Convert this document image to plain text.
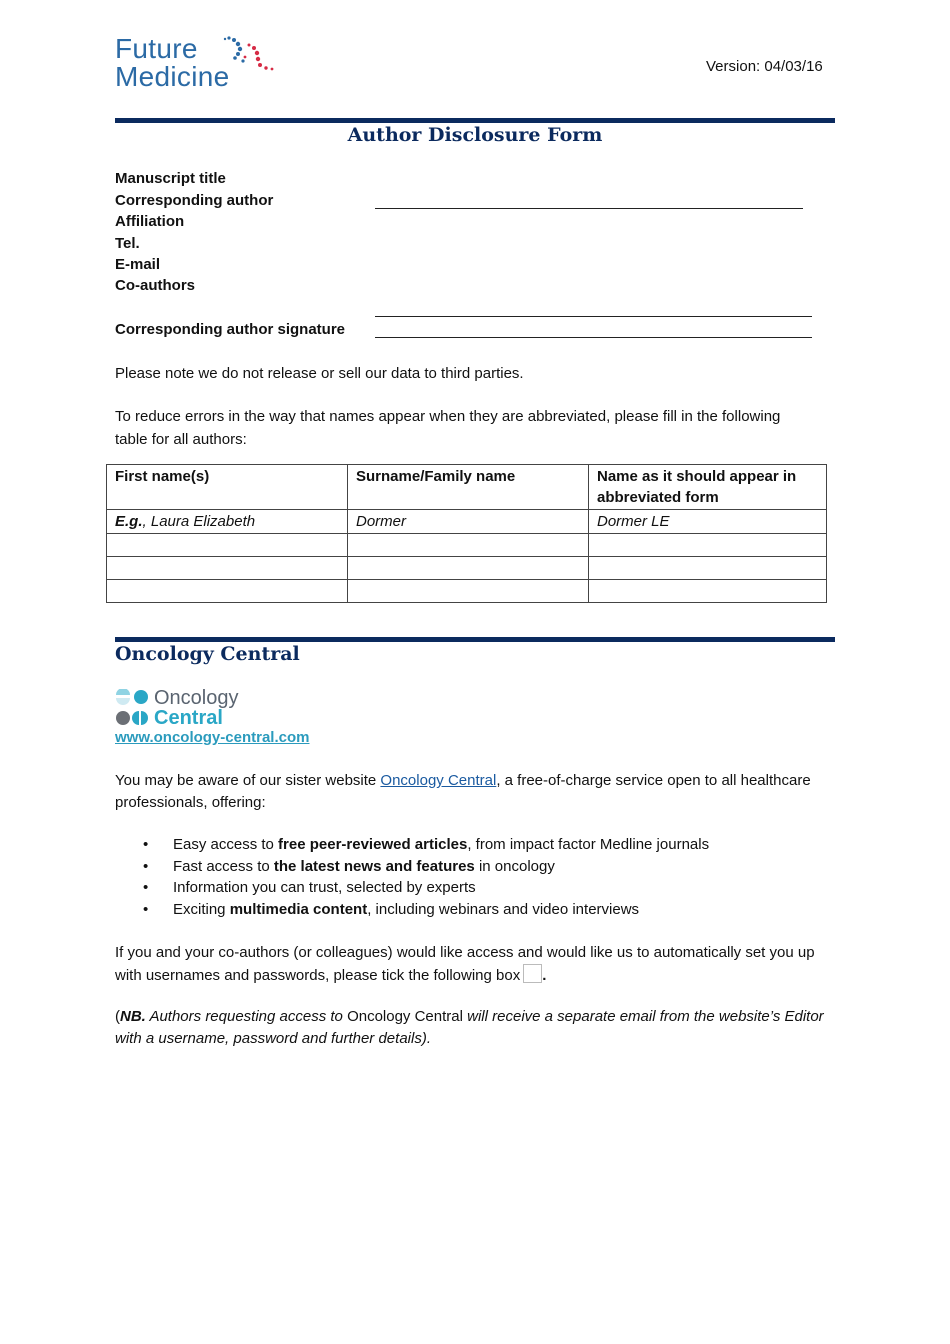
Future
Medicine	Version: 04/03/16
Author Disclosure Form
Manuscript title
Corresponding author
Affiliation
Tel.
E-mail
Co-authors
Corresponding author signature
Please note we do not release or sell our data to third parties.
To reduce errors in the way that names appear when they are abbreviated, please fill in the following table for all authors:
First name(s)	Surname/Family name	Name as it should appear in abbreviated form
E.g., Laura Elizabeth	Dormer	Dormer LE

Oncology Central
Oncology
Central
www.oncology-central.com
You may be aware of our sister website Oncology Central, a free-of-charge service open to all healthcare professionals, offering:
• Easy access to free peer-reviewed articles, from impact factor Medline journals
• Fast access to the latest news and features in oncology
• Information you can trust, selected by experts
• Exciting multimedia content, including webinars and video interviews
If you and your co-authors (or colleagues) would like access and would like us to automatically set you up with usernames and passwords, please tick the following box .
(NB. Authors requesting access to Oncology Central will receive a separate email from the website’s Editor with a username, password and further details).
